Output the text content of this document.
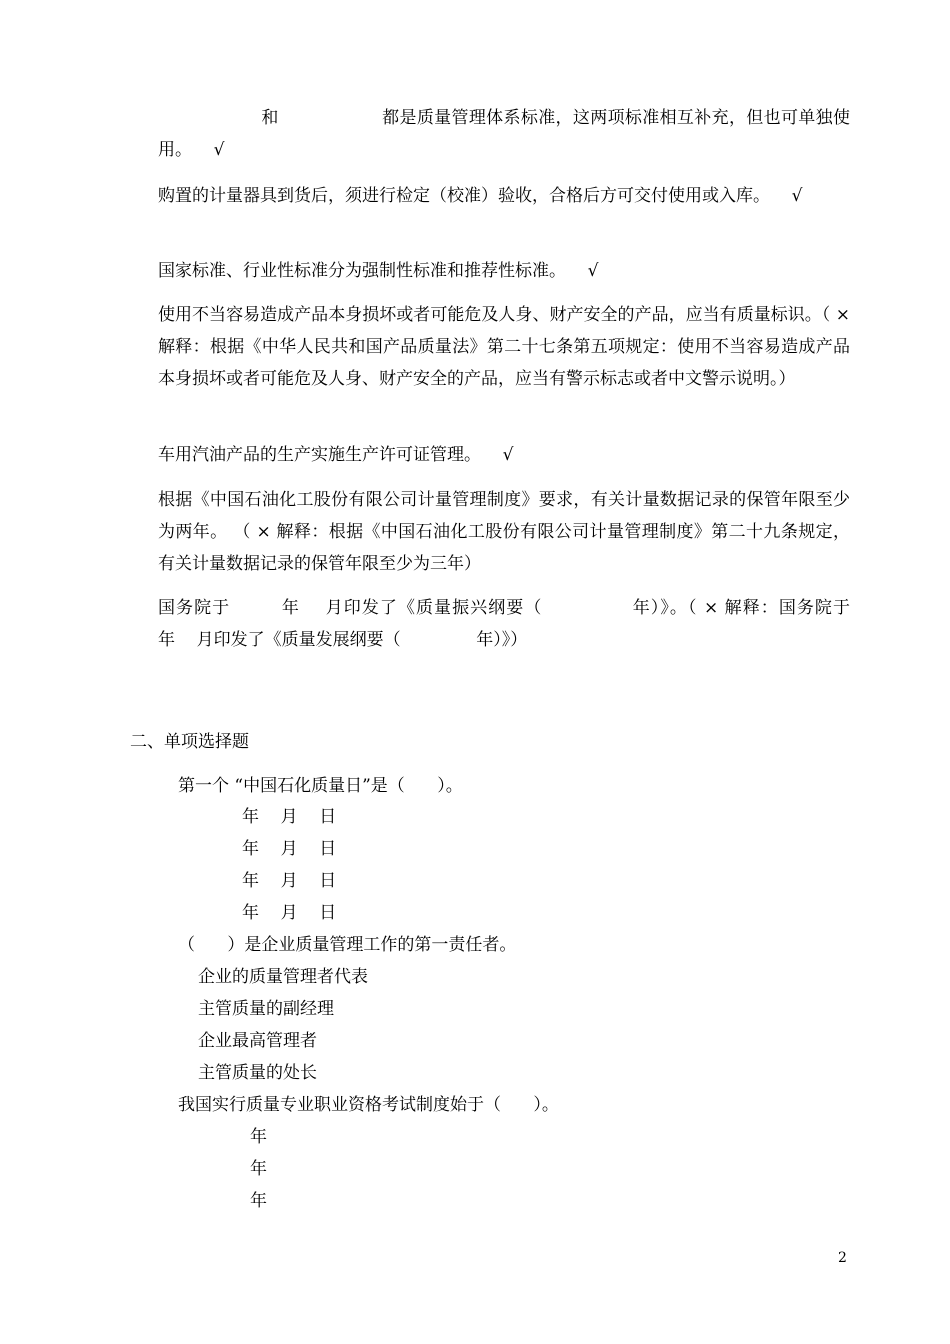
和                  都是质量管理体系标准，这两项标准相互补充，但也可单独使用。    √

购置的计量器具到货后，须进行检定（校准）验收，合格后方可交付使用或入库。    √

国家标准、行业性标准分为强制性标准和推荐性标准。    √

使用不当容易造成产品本身损坏或者可能危及人身、财产安全的产品，应当有质量标识。（ × 解释：根据《中华人民共和国产品质量法》第二十七条第五项规定：使用不当容易造成产品本身损坏或者可能危及人身、财产安全的产品，应当有警示标志或者中文警示说明。）

车用汽油产品的生产实施生产许可证管理。    √

根据《中国石油化工股份有限公司计量管理制度》要求，有关计量数据记录的保管年限至少为两年。 （ × 解释：根据《中国石油化工股份有限公司计量管理制度》第二十九条规定，有关计量数据记录的保管年限至少为三年）

国务院于        年    月印发了《质量振兴纲要（              年）》。（ × 解释：国务院于        年    月印发了《质量发展纲要（              年）》）

二、单项选择题

第一个 “中国石化质量日”是（      ）。

年    月    日

年    月    日

年    月    日

年    月    日

（      ）是企业质量管理工作的第一责任者。

企业的质量管理者代表

主管质量的副经理

企业最高管理者

主管质量的处长

我国实行质量专业职业资格考试制度始于（      ）。

年

年

年

2
